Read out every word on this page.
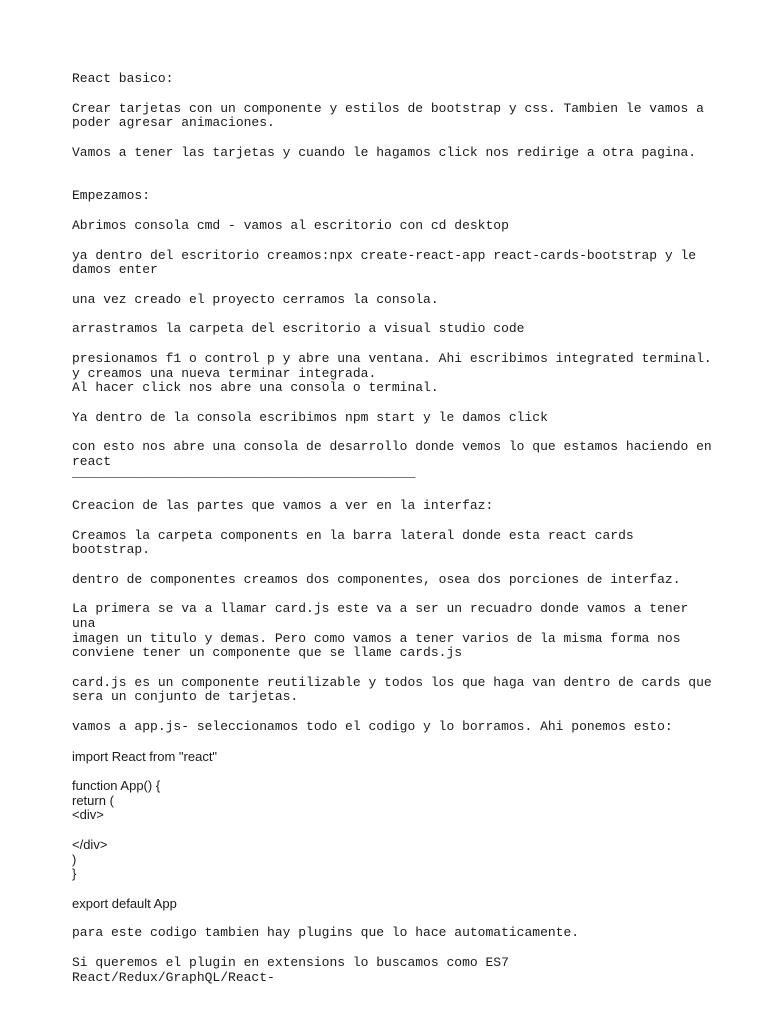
React basico:

Crear tarjetas con un componente y estilos de bootstrap y css. Tambien le vamos a
poder agresar animaciones.

Vamos a tener las tarjetas y cuando le hagamos click nos redirige a otra pagina.

Empezamos:

Abrimos consola cmd - vamos al escritorio con cd desktop

ya dentro del escritorio creamos:npx create-react-app react-cards-bootstrap y le
damos enter

una vez creado el proyecto cerramos la consola.

arrastramos la carpeta del escritorio a visual studio code

presionamos f1 o control p y abre una ventana. Ahi escribimos integrated terminal.
y creamos una nueva terminar integrada.
Al hacer click nos abre una consola o terminal.

Ya dentro de la consola escribimos npm start y le damos click

con esto nos abre una consola de desarrollo donde vemos lo que estamos haciendo en
react

____________________________________________

Creacion de las partes que vamos a ver en la interfaz:

Creamos la carpeta components en la barra lateral donde esta react cards bootstrap.

dentro de componentes creamos dos componentes, osea dos porciones de interfaz.

La primera se va a llamar card.js este va a ser un recuadro donde vamos a tener una
imagen un titulo y demas. Pero como vamos a tener varios de la misma forma nos
conviene tener un componente que se llame cards.js

card.js es un componente reutilizable y todos los que haga van dentro de cards que
sera un conjunto de tarjetas.

vamos a app.js- seleccionamos todo el codigo y lo borramos. Ahi ponemos esto:

import React from "react"

function App() {
return (
<div>

</div>
)
}

export default App

para este codigo tambien hay plugins que lo hace automaticamente.

Si queremos el plugin en extensions lo buscamos como ES7 React/Redux/GraphQL/React-
